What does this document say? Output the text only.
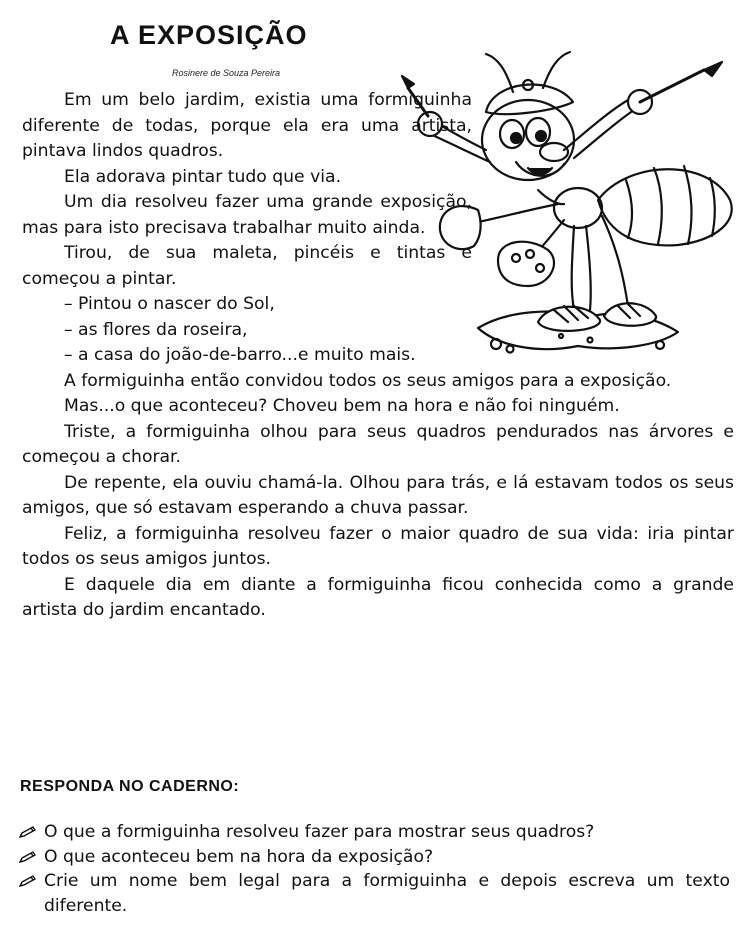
A EXPOSIÇÃO
Rosinere de Souza Pereira

Em um belo jardim, existia uma formiguinha diferente de todas, porque ela era uma artista, pintava lindos quadros.

Ela adorava pintar tudo que via.

Um dia resolveu fazer uma grande exposição, mas para isto precisava trabalhar muito ainda.

Tirou, de sua maleta, pincéis e tintas e começou a pintar.

– Pintou o nascer do Sol,

– as flores da roseira,

– a casa do joão-de-barro...e muito mais.

A formiguinha então convidou todos os seus amigos para a exposição.

Mas...o que aconteceu? Choveu bem na hora e não foi ninguém.

Triste, a formiguinha olhou para seus quadros pendurados nas árvores e começou a chorar.

De repente, ela ouviu chamá-la. Olhou para trás, e lá estavam todos os seus amigos, que só estavam esperando a chuva passar.

Feliz, a formiguinha resolveu fazer o maior quadro de sua vida: iria pintar todos os seus amigos juntos.

E daquele dia em diante a formiguinha ficou conhecida como a grande artista do jardim encantado.

RESPONDA NO CADERNO:
O que a formiguinha resolveu fazer para mostrar seus quadros?
O que aconteceu bem na hora da exposição?
Crie um nome bem legal para a formiguinha e depois escreva um texto diferente.
